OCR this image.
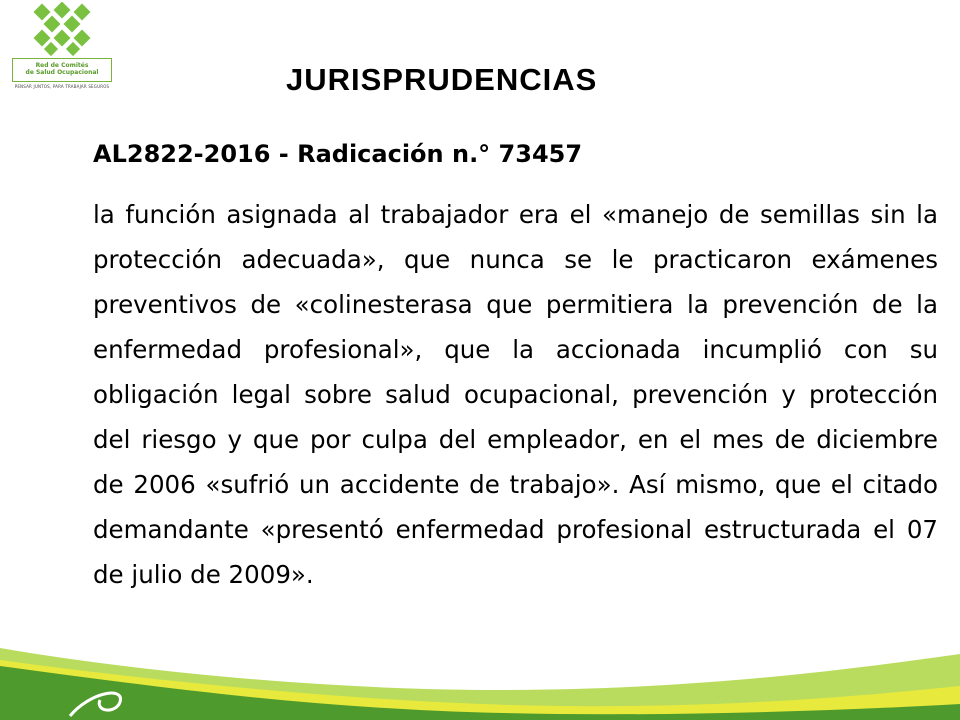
Red de Comités
de Salud Ocupacional
PENSAR JUNTOS, PARA TRABAJAR SEGUROS	JURISPRUDENCIAS
AL2822-2016 - Radicación n.° 73457

la función asignada al trabajador era el «manejo de semillas sin la protección adecuada», que nunca se le practicaron exámenes preventivos de «colinesterasa que permitiera la prevención de la enfermedad profesional», que la accionada incumplió con su obligación legal sobre salud ocupacional, prevención y protección del riesgo y que por culpa del empleador, en el mes de diciembre de 2006 «sufrió un accidente de trabajo». Así mismo, que el citado demandante «presentó enfermedad profesional estructurada el 07 de julio de 2009».
